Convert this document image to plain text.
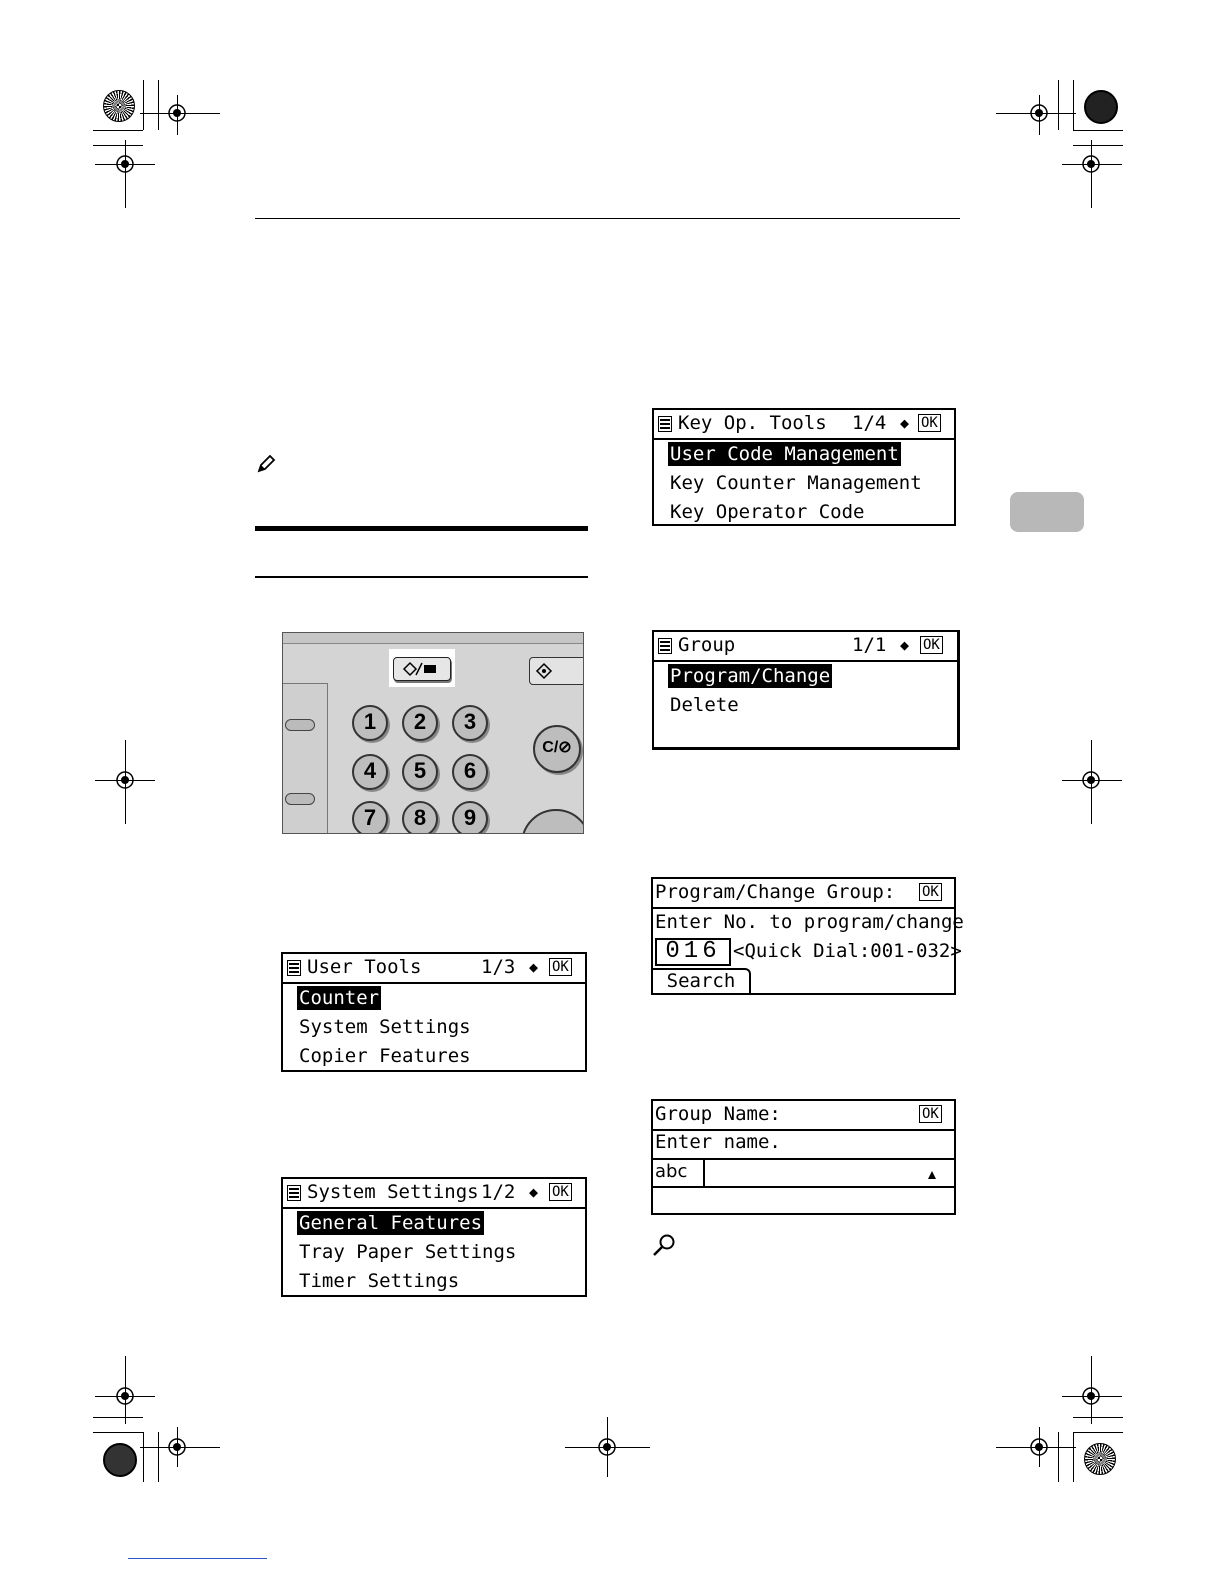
1	2	3
4	5	6
7	8	9
C/⊘
User Tools	1/3 ◆ OK
Counter
System Settings
Copier Features
System Settings 1/2 ◆ OK
General Features
Tray Paper Settings
Timer Settings
Key Op. Tools 1/4 ◆ OK
User Code Management
Key Counter Management
Key Operator Code
Group	1/1 ◆ OK
Program/Change
Delete
Program/Change Group: OK
Enter No. to program/change
016 <Quick Dial:001-032>
Search
Group Name:	OK
Enter name.
abc
